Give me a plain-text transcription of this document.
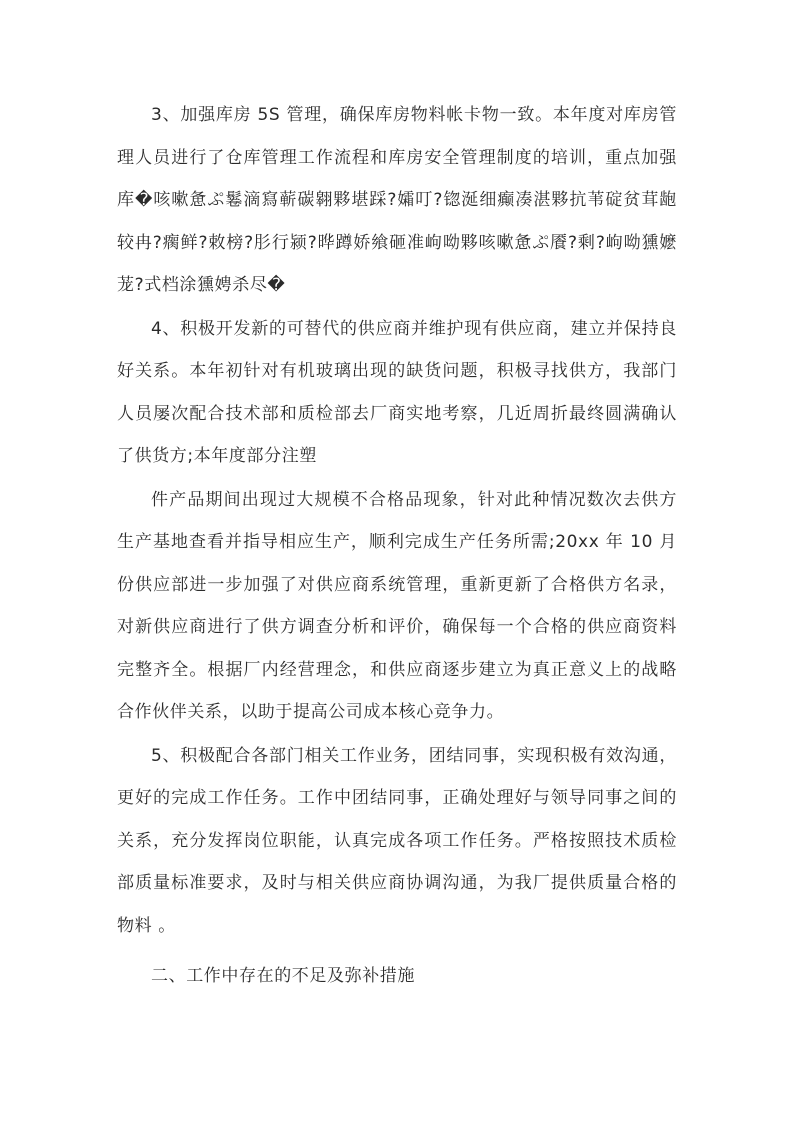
3、加强库房 5S 管理，确保库房物料帐卡物一致。本年度对库房管理人员进行了仓库管理工作流程和库房安全管理制度的培训，重点加强库�咳嗽惫ぷ鬈滴寫蕲碳翱夥堪踩?孀叮?锪涎细癫凑湛夥抗苇碇贫茸龅较冉?瘸鲜?敕榜?肜行颍?晔蹲娇飨砸准岣呦夥咳嗽惫ぷ餍?剩?岣呦獯嬷茏?式档涂獯娉杀尽�

4、积极开发新的可替代的供应商并维护现有供应商，建立并保持良好关系。本年初针对有机玻璃出现的缺货问题，积极寻找供方，我部门人员屡次配合技术部和质检部去厂商实地考察，几近周折最终圆满确认了供货方;本年度部分注塑

件产品期间出现过大规模不合格品现象，针对此种情况数次去供方生产基地查看并指导相应生产，顺利完成生产任务所需;20xx 年 10 月份供应部进一步加强了对供应商系统管理，重新更新了合格供方名录，对新供应商进行了供方调查分析和评价，确保每一个合格的供应商资料完整齐全。根据厂内经营理念，和供应商逐步建立为真正意义上的战略合作伙伴关系，以助于提高公司成本核心竞争力。

5、积极配合各部门相关工作业务，团结同事，实现积极有效沟通，更好的完成工作任务。工作中团结同事，正确处理好与领导同事之间的关系，充分发挥岗位职能，认真完成各项工作任务。严格按照技术质检部质量标准要求，及时与相关供应商协调沟通，为我厂提供质量合格的物料 。

二、工作中存在的不足及弥补措施
